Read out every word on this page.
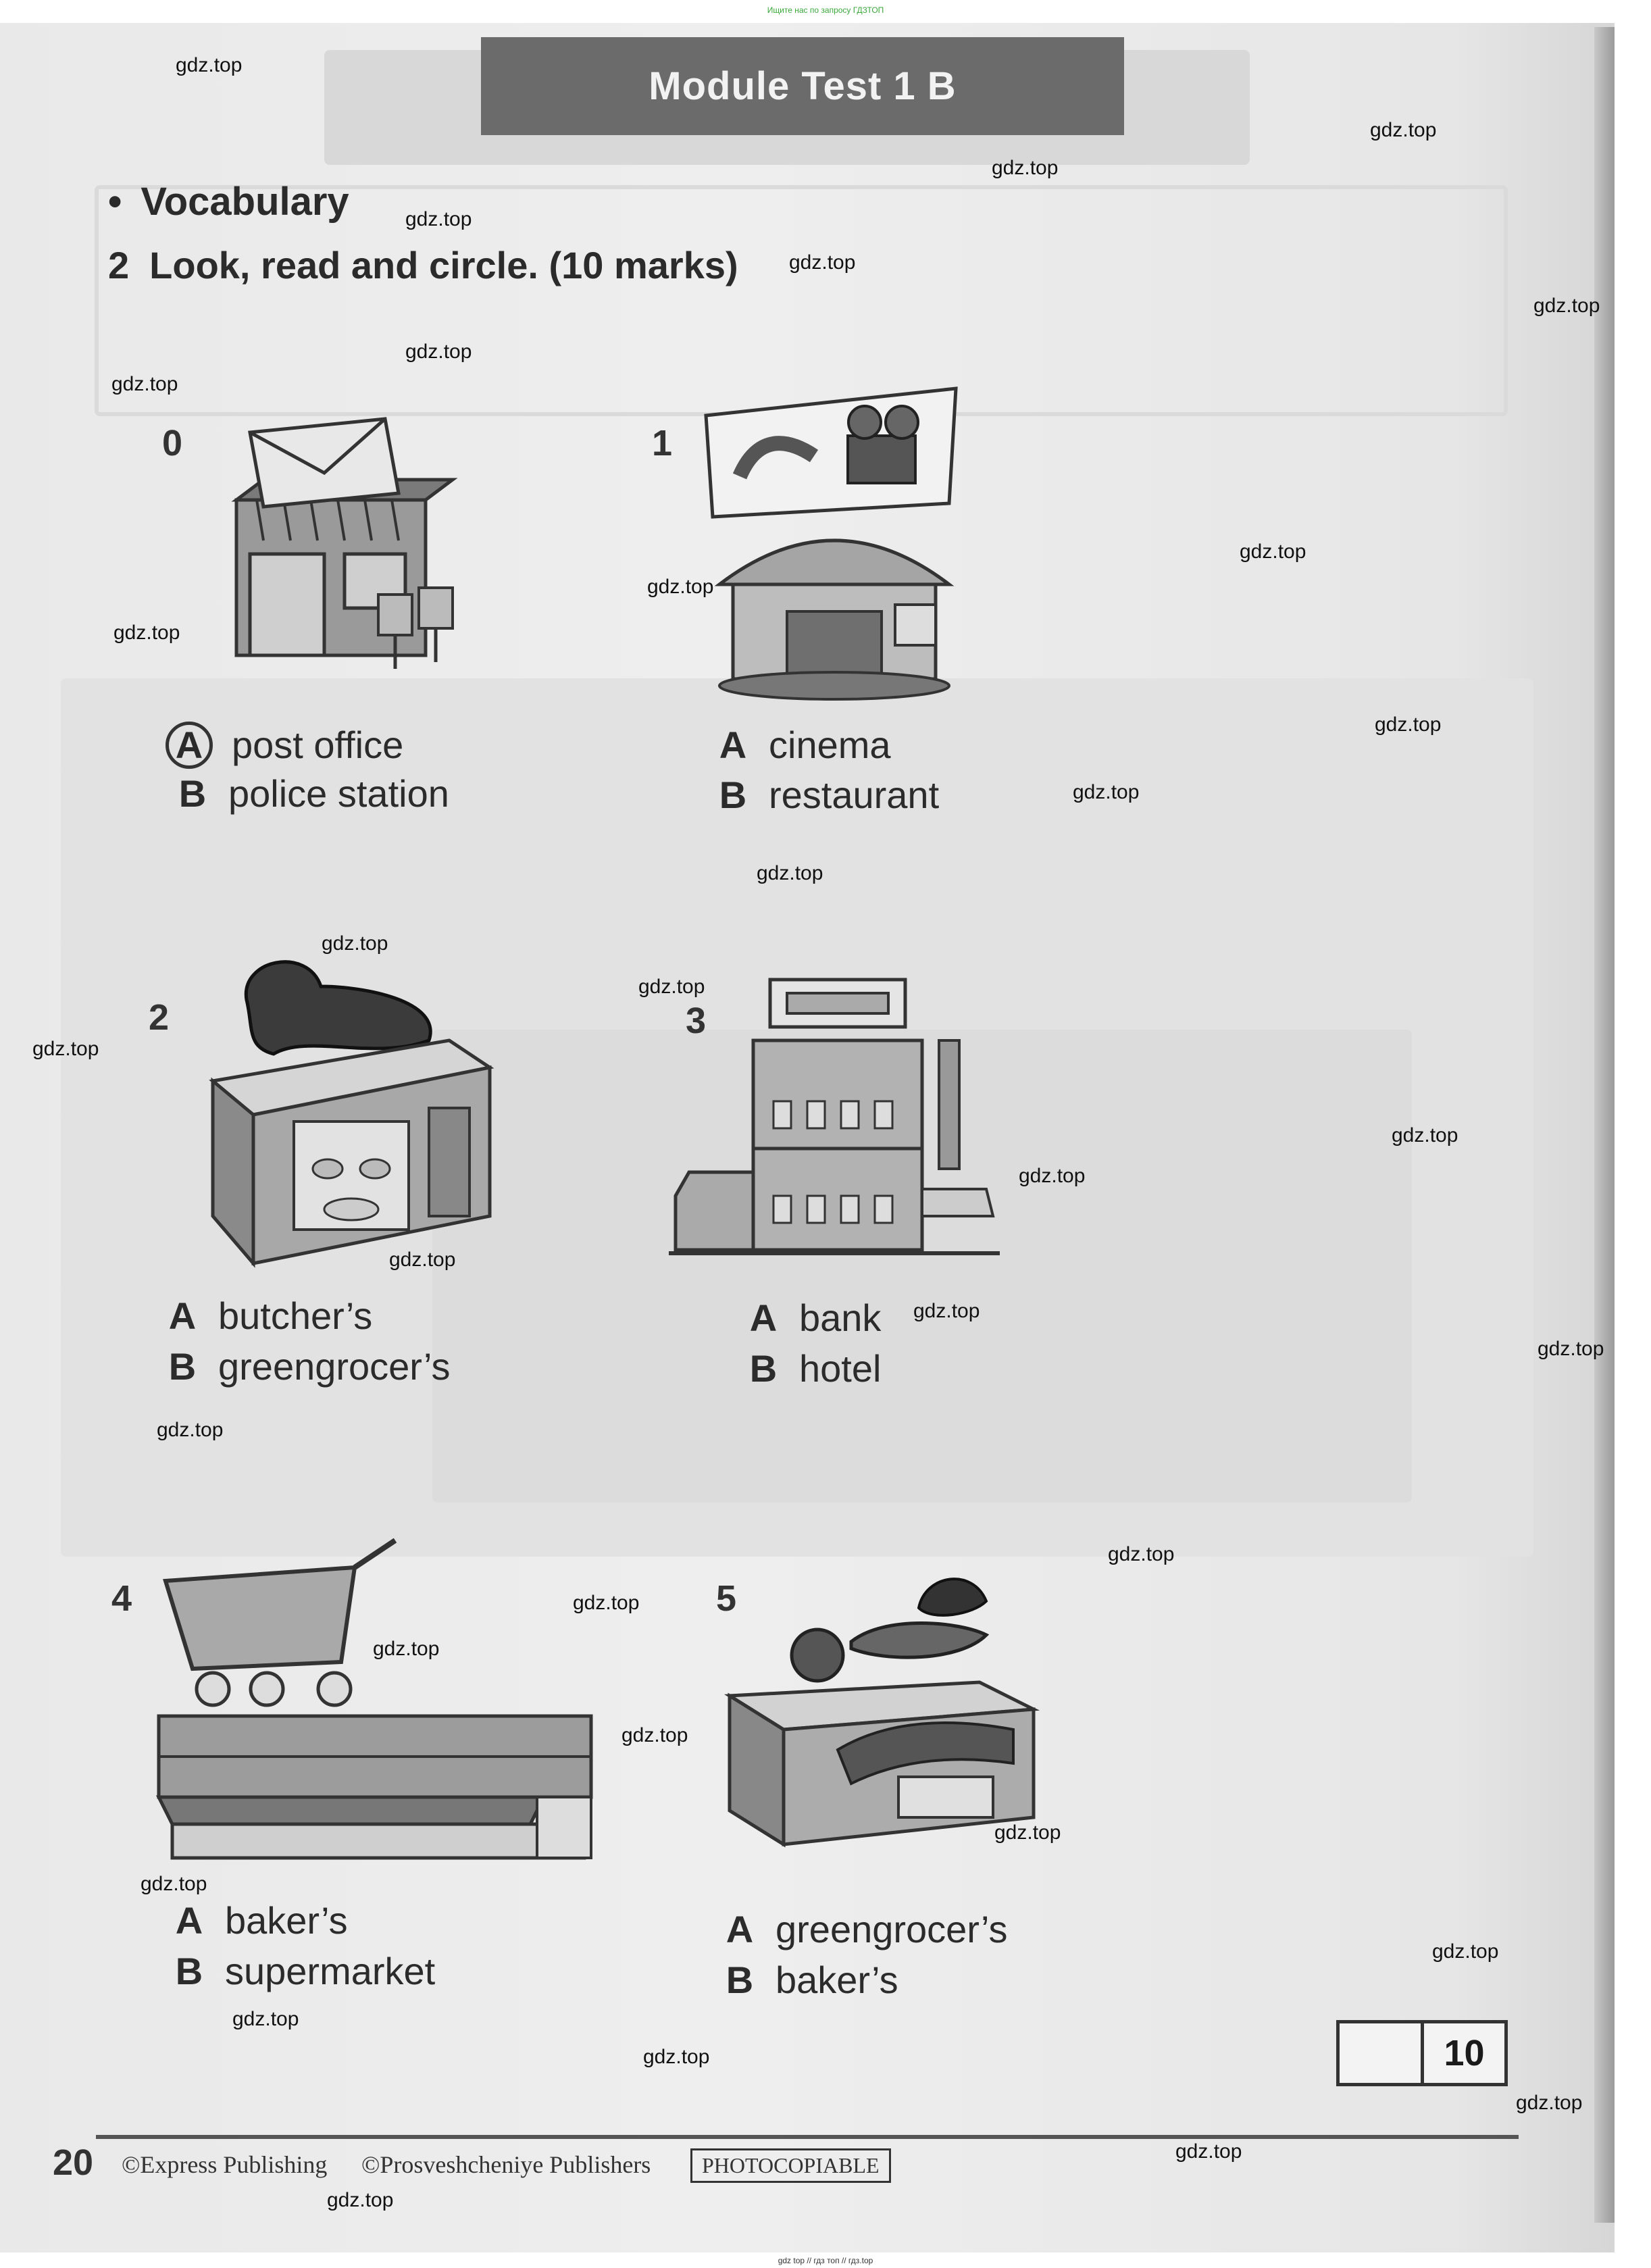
Ищите нас по запросу ГДЗТОП
Module Test 1 B
• Vocabulary
2 Look, read and circle. (10 marks)
0
A post office
B police station
1
A cinema
B restaurant
2
A butcher’s
B greengrocer’s
3
A bank
B hotel
4
A baker’s
B supermarket
5
A greengrocer’s
B baker’s
10
20 ©Express Publishing ©Prosveshcheniye Publishers	PHOTOCOPIABLE
gdz.top
gdz.top
gdz.top
gdz.top
gdz.top
gdz.top
gdz.top
gdz.top
gdz.top
gdz.top
gdz.top
gdz.top
gdz.top
gdz.top
gdz.top
gdz.top
gdz.top
gdz.top
gdz.top
gdz.top
gdz.top
gdz.top
gdz.top
gdz.top
gdz.top
gdz.top
gdz.top
gdz.top
gdz.top
gdz.top
gdz.top
gdz.top
gdz.top
gdz.top
gdz.top
gdz top // гдз топ // гдз.top
